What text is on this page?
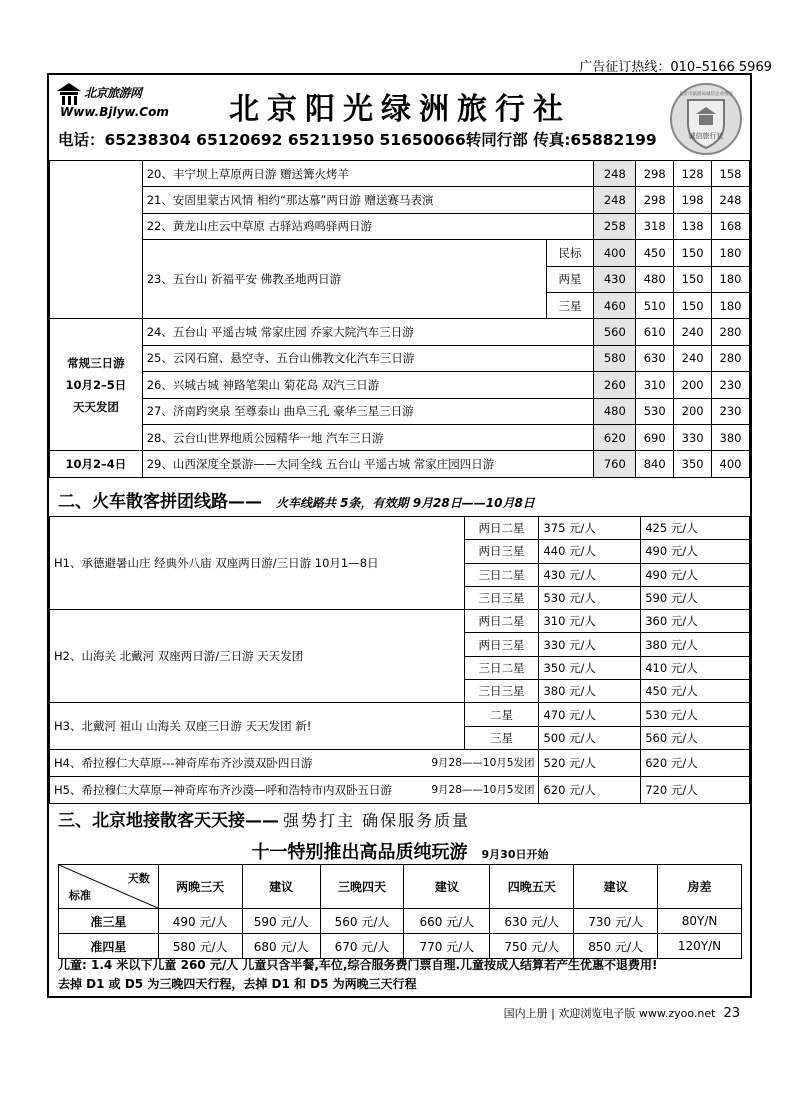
广告征订热线：010–5166 5969
北京旅游网
Www.Bjlyw.Com	北京阳光绿洲旅行社
电话：65238304 65120692 65211950 51650066转同行部 传真:65882199	诚信旅行社
北京市旅游局诚信企业推荐
	20、丰宁坝上草原两日游 赠送篝火烤羊		248	298	128	158
	21、安固里蒙古风情 相约“那达慕”两日游 赠送赛马表演		248	298	198	248
	22、黄龙山庄云中草原 古驿站鸡鸣驿两日游		258	318	138	168
	23、五台山 祈福平安 佛教圣地两日游	民标	400	450	150	180
		两星	430	480	150	180
		三星	460	510	150	180

常规三日游
10月2–5日
天天发团	24、五台山 平遥古城 常家庄园 乔家大院汽车三日游		560	610	240	280
	25、云冈石窟、悬空寺、五台山佛教文化汽车三日游		580	630	240	280
	26、兴城古城 神路笔架山 菊花岛 双汽三日游		260	310	200	230
	27、济南趵突泉 至尊泰山 曲阜三孔 豪华三星三日游		480	530	200	230
	28、云台山世界地质公园精华一地 汽车三日游		620	690	330	380
10月2–4日	29、山西深度全景游——大同全线 五台山 平遥古城 常家庄园四日游		760	840	350	400
二、火车散客拼团线路—— 火车线路共 5条，有效期 9月28日——10月8日
H1、承德避暑山庄 经典外八庙 双座两日游/三日游 10月1—8日	两日二星	375 元/人	425 元/人
	两日三星	440 元/人	490 元/人
	三日二星	430 元/人	490 元/人
	三日三星	530 元/人	590 元/人
H2、山海关 北戴河 双座两日游/三日游 天天发团	两日二星	310 元/人	360 元/人
	两日三星	330 元/人	380 元/人
	三日二星	350 元/人	410 元/人
	三日三星	380 元/人	450 元/人
H3、北戴河 祖山 山海关 双座三日游 天天发团 新!	二星	470 元/人	530 元/人
	三星	500 元/人	560 元/人
H4、希拉穆仁大草原---神奇库布齐沙漠双卧四日游 9月28——10月5发团		520 元/人	620 元/人
H5、希拉穆仁大草原—神奇库布齐沙漠—呼和浩特市内双卧五日游 9月28——10月5发团		620 元/人	720 元/人
三、北京地接散客天天接—— 强势打主 确保服务质量
十一特别推出高品质纯玩游 9月30日开始
天数
标准	两晚三天	建议	三晚四天	建议	四晚五天	建议	房差
准三星	490 元/人	590 元/人	560 元/人	660 元/人	630 元/人	730 元/人	80Y/N
准四星	580 元/人	680 元/人	670 元/人	770 元/人	750 元/人	850 元/人	120Y/N
儿童: 1.4 米以下儿童 260 元/人 儿童只含半餐,车位,综合服务费门票自理.儿童按成人结算若产生优惠不退费用!
去掉 D1 或 D5 为三晚四天行程，去掉 D1 和 D5 为两晚三天行程
国内上册 | 欢迎浏览电子版 www.zyoo.net 23
